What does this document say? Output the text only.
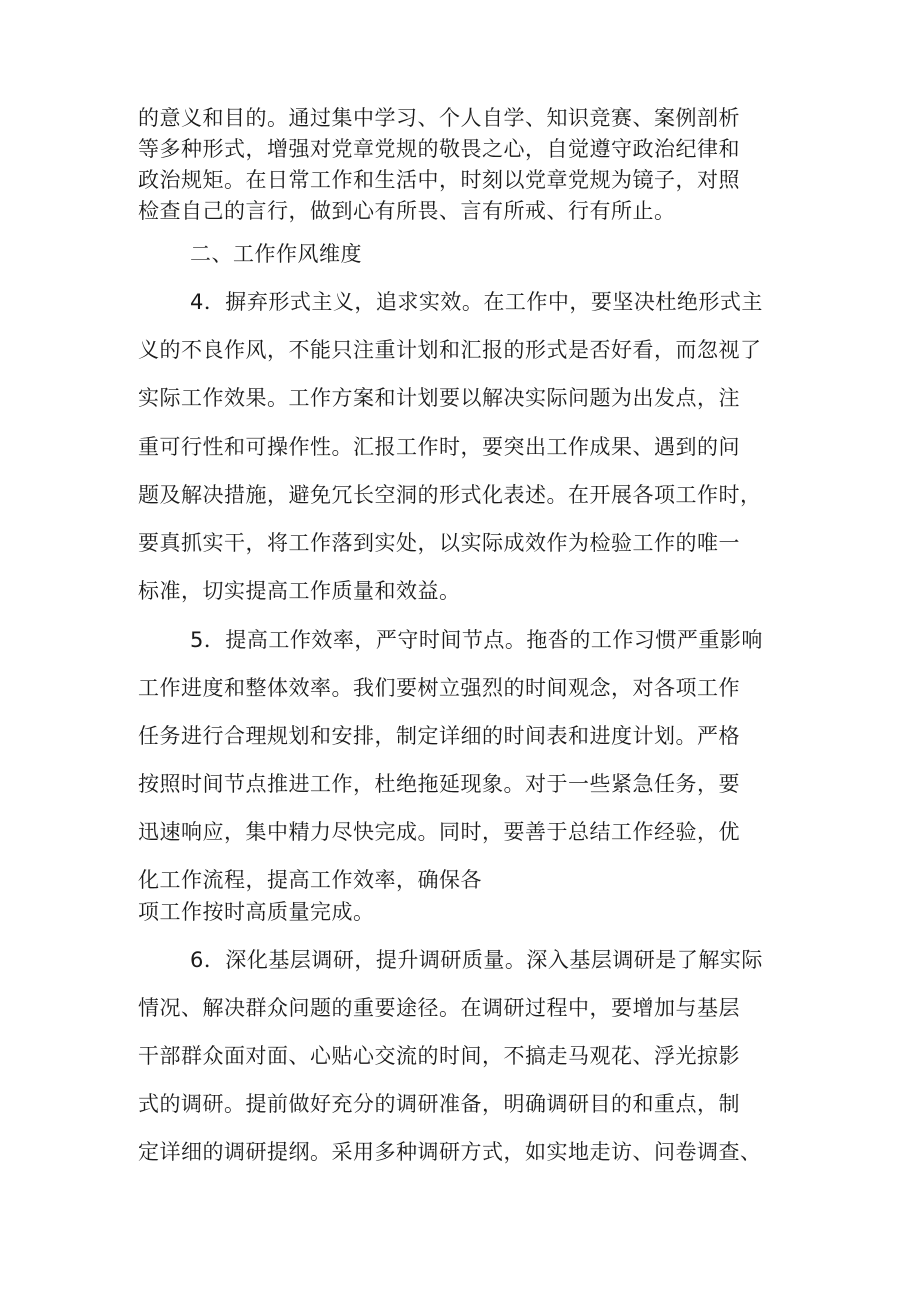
的意义和目的。通过集中学习、个人自学、知识竞赛、案例剖析
等多种形式，增强对党章党规的敬畏之心，自觉遵守政治纪律和
政治规矩。在日常工作和生活中，时刻以党章党规为镜子，对照
检查自己的言行，做到心有所畏、言有所戒、行有所止。
二、工作作风维度
4．摒弃形式主义，追求实效。在工作中，要坚决杜绝形式主
义的不良作风，不能只注重计划和汇报的形式是否好看，而忽视了
实际工作效果。工作方案和计划要以解决实际问题为出发点，注
重可行性和可操作性。汇报工作时，要突出工作成果、遇到的问
题及解决措施，避免冗长空洞的形式化表述。在开展各项工作时，
要真抓实干，将工作落到实处，以实际成效作为检验工作的唯一
标准，切实提高工作质量和效益。
5．提高工作效率，严守时间节点。拖沓的工作习惯严重影响
工作进度和整体效率。我们要树立强烈的时间观念，对各项工作
任务进行合理规划和安排，制定详细的时间表和进度计划。严格
按照时间节点推进工作，杜绝拖延现象。对于一些紧急任务，要
迅速响应，集中精力尽快完成。同时，要善于总结工作经验，优
化工作流程，提高工作效率，确保各
项工作按时高质量完成。
6．深化基层调研，提升调研质量。深入基层调研是了解实际
情况、解决群众问题的重要途径。在调研过程中，要增加与基层
干部群众面对面、心贴心交流的时间，不搞走马观花、浮光掠影
式的调研。提前做好充分的调研准备，明确调研目的和重点，制
定详细的调研提纲。采用多种调研方式，如实地走访、问卷调查、
